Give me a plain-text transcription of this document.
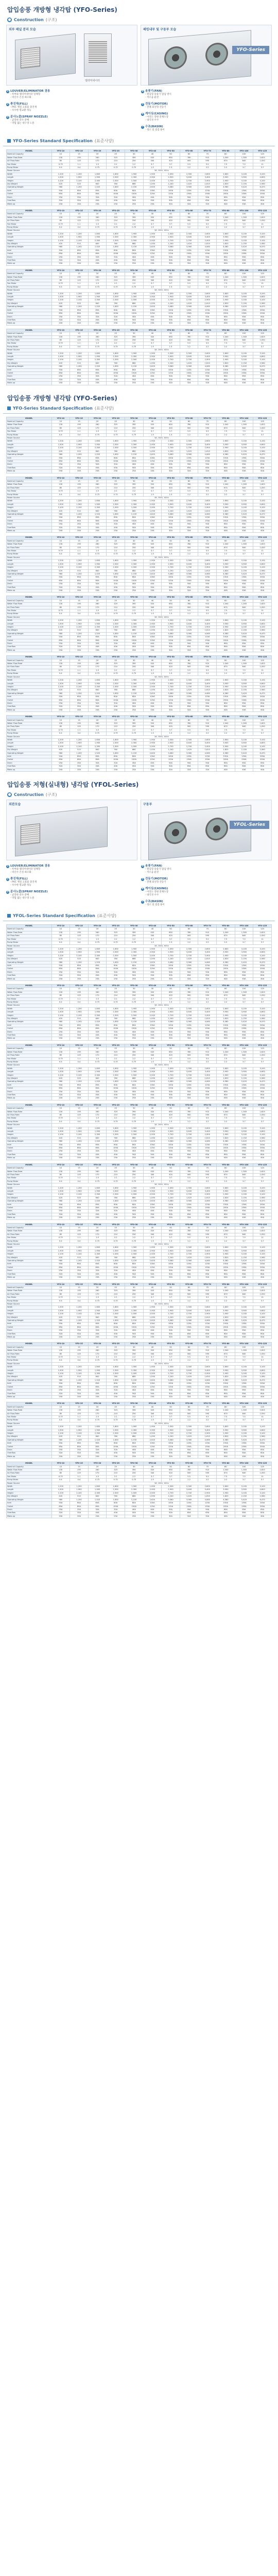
압입송풍 개방형 냉각탑 (YFO-Series)
● Construction (구조)
외부 패널 분리 모습
엘리미네이터
패킹내부 및 구동부 모습
YFO-Series
1 LOUVER/ELIMINATOR 겸용
- 루버와 엘리미네이터 일체형
- 비산수 손실 최소화
2 충진재(FILL)
- PVC 재질 고효율 충진재
- 우수한 열교환 성능
3 분사노즐(SPRAY NOZZLE)
- 균일한 살수 분배
- 막힘 없는 대구경 노즐
4 송풍기(FAN)
- 원심형 송풍기 압입 방식
- 저소음 운전
5 전동기(MOTOR)
- 전폐 외선형 전동기
6 케이싱(CASING)
- 아연도 강판 분체도장
- 내식성 우수
7 수조(BASIN)
- 청소 및 점검 용이
YFO-Series Standard Specification (표준사양)
MODEL	YFO-10	YFO-15	YFO-20	YFO-25	YFO-30	YFO-40	YFO-50	YFO-60	YFO-70	YFO-80	YFO-100	YFO-125
Nominal Capacity	10	15	20	25	30	40	50	60	70	80	100	125
Water Flow Rate	130	195	260	325	390	520	650	780	910	1,040	1,300	1,625
Air Flow Rate	85	125	170	210	250	340	420	500	590	670	840	1,050
Fan Motor	0.75	1.1	1.5	2.2	2.2	3.7	3.7	5.5	5.5	7.5	7.5	11
Pump Motor	0.4	0.4	0.75	0.75	0.75	1.5	1.5	2.2	2.2	2.2	3.7	3.7
Power Source	3Ø, 380V, 60Hz											
Width	1,200	1,200	1,600	1,600	1,900	1,900	2,300	2,300	2,600	2,600	3,100	3,100
Length	1,500	1,900	1,900	2,300	2,300	2,900	2,900	3,400	3,400	3,900	3,900	4,600
Height	2,100	2,100	2,300	2,300	2,500	2,500	2,700	2,700	2,900	2,900	3,100	3,100
Dry Weight	420	510	640	760	880	1,050	1,240	1,420	1,610	1,820	2,150	2,560
Operating Weight	980	1,200	1,520	1,830	2,150	2,620	3,080	3,560	4,060	4,580	5,420	6,470
Inlet	50A	65A	65A	80A	80A	100A	100A	125A	125A	150A	150A	200A
Outlet	65A	80A	80A	100A	100A	125A	125A	150A	150A	200A	200A	200A
Drain	25A	25A	32A	32A	40A	40A	50A	50A	50A	65A	65A	65A
Overflow	32A	32A	40A	40A	50A	50A	50A	65A	65A	65A	80A	80A
Make-up	20A	20A	20A	25A	25A	25A	32A	32A	32A	40A	40A	40A
MODEL	YFO-10	YFO-15	YFO-20	YFO-25	YFO-30	YFO-40	YFO-50	YFO-60	YFO-70	YFO-80	YFO-100	YFO-125
Nominal Capacity	10	15	20	25	30	40	50	60	70	80	100	125
Water Flow Rate	130	195	260	325	390	520	650	780	910	1,040	1,300	1,625
Air Flow Rate	85	125	170	210	250	340	420	500	590	670	840	1,050
Fan Motor	0.75	1.1	1.5	2.2	2.2	3.7	3.7	5.5	5.5	7.5	7.5	11
Pump Motor	0.4	0.4	0.75	0.75	0.75	1.5	1.5	2.2	2.2	2.2	3.7	3.7
Power Source	3Ø, 380V, 60Hz											
Width	1,200	1,200	1,600	1,600	1,900	1,900	2,300	2,300	2,600	2,600	3,100	3,100
Length	1,500	1,900	1,900	2,300	2,300	2,900	2,900	3,400	3,400	3,900	3,900	4,600
Height	2,100	2,100	2,300	2,300	2,500	2,500	2,700	2,700	2,900	2,900	3,100	3,100
Dry Weight	420	510	640	760	880	1,050	1,240	1,420	1,610	1,820	2,150	2,560
Operating Weight	980	1,200	1,520	1,830	2,150	2,620	3,080	3,560	4,060	4,580	5,420	6,470
Inlet	50A	65A	65A	80A	80A	100A	100A	125A	125A	150A	150A	200A
Outlet	65A	80A	80A	100A	100A	125A	125A	150A	150A	200A	200A	200A
Drain	25A	25A	32A	32A	40A	40A	50A	50A	50A	65A	65A	65A
Overflow	32A	32A	40A	40A	50A	50A	50A	65A	65A	65A	80A	80A
Make-up	20A	20A	20A	25A	25A	25A	32A	32A	32A	40A	40A	40A
MODEL	YFO-10	YFO-15	YFO-20	YFO-25	YFO-30	YFO-40	YFO-50	YFO-60	YFO-70	YFO-80	YFO-100	YFO-125
Nominal Capacity	10	15	20	25	30	40	50	60	70	80	100	125
Water Flow Rate	130	195	260	325	390	520	650	780	910	1,040	1,300	1,625
Air Flow Rate	85	125	170	210	250	340	420	500	590	670	840	1,050
Fan Motor	0.75	1.1	1.5	2.2	2.2	3.7	3.7	5.5	5.5	7.5	7.5	11
Pump Motor	0.4	0.4	0.75	0.75	0.75	1.5	1.5	2.2	2.2	2.2	3.7	3.7
Power Source	3Ø, 380V, 60Hz											
Width	1,200	1,200	1,600	1,600	1,900	1,900	2,300	2,300	2,600	2,600	3,100	3,100
Length	1,500	1,900	1,900	2,300	2,300	2,900	2,900	3,400	3,400	3,900	3,900	4,600
Height	2,100	2,100	2,300	2,300	2,500	2,500	2,700	2,700	2,900	2,900	3,100	3,100
Dry Weight	420	510	640	760	880	1,050	1,240	1,420	1,610	1,820	2,150	2,560
Operating Weight	980	1,200	1,520	1,830	2,150	2,620	3,080	3,560	4,060	4,580	5,420	6,470
Inlet	50A	65A	65A	80A	80A	100A	100A	125A	125A	150A	150A	200A
Outlet	65A	80A	80A	100A	100A	125A	125A	150A	150A	200A	200A	200A
Drain	25A	25A	32A	32A	40A	40A	50A	50A	50A	65A	65A	65A
Overflow	32A	32A	40A	40A	50A	50A	50A	65A	65A	65A	80A	80A
Make-up	20A	20A	20A	25A	25A	25A	32A	32A	32A	40A	40A	40A
MODEL	YFO-10	YFO-15	YFO-20	YFO-25	YFO-30	YFO-40	YFO-50	YFO-60	YFO-70	YFO-80	YFO-100	YFO-125
Nominal Capacity	10	15	20	25	30	40	50	60	70	80	100	125
Water Flow Rate	130	195	260	325	390	520	650	780	910	1,040	1,300	1,625
Air Flow Rate	85	125	170	210	250	340	420	500	590	670	840	1,050
Fan Motor	0.75	1.1	1.5	2.2	2.2	3.7	3.7	5.5	5.5	7.5	7.5	11
Pump Motor	0.4	0.4	0.75	0.75	0.75	1.5	1.5	2.2	2.2	2.2	3.7	3.7
Power Source	3Ø, 380V, 60Hz											
Width	1,200	1,200	1,600	1,600	1,900	1,900	2,300	2,300	2,600	2,600	3,100	3,100
Length	1,500	1,900	1,900	2,300	2,300	2,900	2,900	3,400	3,400	3,900	3,900	4,600
Height	2,100	2,100	2,300	2,300	2,500	2,500	2,700	2,700	2,900	2,900	3,100	3,100
Dry Weight	420	510	640	760	880	1,050	1,240	1,420	1,610	1,820	2,150	2,560
Operating Weight	980	1,200	1,520	1,830	2,150	2,620	3,080	3,560	4,060	4,580	5,420	6,470
Inlet	50A	65A	65A	80A	80A	100A	100A	125A	125A	150A	150A	200A
Outlet	65A	80A	80A	100A	100A	125A	125A	150A	150A	200A	200A	200A
Drain	25A	25A	32A	32A	40A	40A	50A	50A	50A	65A	65A	65A
Overflow	32A	32A	40A	40A	50A	50A	50A	65A	65A	65A	80A	80A
Make-up	20A	20A	20A	25A	25A	25A	32A	32A	32A	40A	40A	40A
압입송풍 개방형 냉각탑 (YFO-Series)
YFO-Series Standard Specification (표준사양)
MODEL	YFO-10	YFO-15	YFO-20	YFO-25	YFO-30	YFO-40	YFO-50	YFO-60	YFO-70	YFO-80	YFO-100	YFO-125
Nominal Capacity	10	15	20	25	30	40	50	60	70	80	100	125
Water Flow Rate	130	195	260	325	390	520	650	780	910	1,040	1,300	1,625
Air Flow Rate	85	125	170	210	250	340	420	500	590	670	840	1,050
Fan Motor	0.75	1.1	1.5	2.2	2.2	3.7	3.7	5.5	5.5	7.5	7.5	11
Pump Motor	0.4	0.4	0.75	0.75	0.75	1.5	1.5	2.2	2.2	2.2	3.7	3.7
Power Source	3Ø, 380V, 60Hz											
Width	1,200	1,200	1,600	1,600	1,900	1,900	2,300	2,300	2,600	2,600	3,100	3,100
Length	1,500	1,900	1,900	2,300	2,300	2,900	2,900	3,400	3,400	3,900	3,900	4,600
Height	2,100	2,100	2,300	2,300	2,500	2,500	2,700	2,700	2,900	2,900	3,100	3,100
Dry Weight	420	510	640	760	880	1,050	1,240	1,420	1,610	1,820	2,150	2,560
Operating Weight	980	1,200	1,520	1,830	2,150	2,620	3,080	3,560	4,060	4,580	5,420	6,470
Inlet	50A	65A	65A	80A	80A	100A	100A	125A	125A	150A	150A	200A
Outlet	65A	80A	80A	100A	100A	125A	125A	150A	150A	200A	200A	200A
Drain	25A	25A	32A	32A	40A	40A	50A	50A	50A	65A	65A	65A
Overflow	32A	32A	40A	40A	50A	50A	50A	65A	65A	65A	80A	80A
Make-up	20A	20A	20A	25A	25A	25A	32A	32A	32A	40A	40A	40A
MODEL	YFO-10	YFO-15	YFO-20	YFO-25	YFO-30	YFO-40	YFO-50	YFO-60	YFO-70	YFO-80	YFO-100	YFO-125
Nominal Capacity	10	15	20	25	30	40	50	60	70	80	100	125
Water Flow Rate	130	195	260	325	390	520	650	780	910	1,040	1,300	1,625
Air Flow Rate	85	125	170	210	250	340	420	500	590	670	840	1,050
Fan Motor	0.75	1.1	1.5	2.2	2.2	3.7	3.7	5.5	5.5	7.5	7.5	11
Pump Motor	0.4	0.4	0.75	0.75	0.75	1.5	1.5	2.2	2.2	2.2	3.7	3.7
Power Source	3Ø, 380V, 60Hz											
Width	1,200	1,200	1,600	1,600	1,900	1,900	2,300	2,300	2,600	2,600	3,100	3,100
Length	1,500	1,900	1,900	2,300	2,300	2,900	2,900	3,400	3,400	3,900	3,900	4,600
Height	2,100	2,100	2,300	2,300	2,500	2,500	2,700	2,700	2,900	2,900	3,100	3,100
Dry Weight	420	510	640	760	880	1,050	1,240	1,420	1,610	1,820	2,150	2,560
Operating Weight	980	1,200	1,520	1,830	2,150	2,620	3,080	3,560	4,060	4,580	5,420	6,470
Inlet	50A	65A	65A	80A	80A	100A	100A	125A	125A	150A	150A	200A
Outlet	65A	80A	80A	100A	100A	125A	125A	150A	150A	200A	200A	200A
Drain	25A	25A	32A	32A	40A	40A	50A	50A	50A	65A	65A	65A
Overflow	32A	32A	40A	40A	50A	50A	50A	65A	65A	65A	80A	80A
Make-up	20A	20A	20A	25A	25A	25A	32A	32A	32A	40A	40A	40A
MODEL	YFO-10	YFO-15	YFO-20	YFO-25	YFO-30	YFO-40	YFO-50	YFO-60	YFO-70	YFO-80	YFO-100	YFO-125
Nominal Capacity	10	15	20	25	30	40	50	60	70	80	100	125
Water Flow Rate	130	195	260	325	390	520	650	780	910	1,040	1,300	1,625
Air Flow Rate	85	125	170	210	250	340	420	500	590	670	840	1,050
Fan Motor	0.75	1.1	1.5	2.2	2.2	3.7	3.7	5.5	5.5	7.5	7.5	11
Pump Motor	0.4	0.4	0.75	0.75	0.75	1.5	1.5	2.2	2.2	2.2	3.7	3.7
Power Source	3Ø, 380V, 60Hz											
Width	1,200	1,200	1,600	1,600	1,900	1,900	2,300	2,300	2,600	2,600	3,100	3,100
Length	1,500	1,900	1,900	2,300	2,300	2,900	2,900	3,400	3,400	3,900	3,900	4,600
Height	2,100	2,100	2,300	2,300	2,500	2,500	2,700	2,700	2,900	2,900	3,100	3,100
Dry Weight	420	510	640	760	880	1,050	1,240	1,420	1,610	1,820	2,150	2,560
Operating Weight	980	1,200	1,520	1,830	2,150	2,620	3,080	3,560	4,060	4,580	5,420	6,470
Inlet	50A	65A	65A	80A	80A	100A	100A	125A	125A	150A	150A	200A
Outlet	65A	80A	80A	100A	100A	125A	125A	150A	150A	200A	200A	200A
Drain	25A	25A	32A	32A	40A	40A	50A	50A	50A	65A	65A	65A
Overflow	32A	32A	40A	40A	50A	50A	50A	65A	65A	65A	80A	80A
Make-up	20A	20A	20A	25A	25A	25A	32A	32A	32A	40A	40A	40A
MODEL	YFO-10	YFO-15	YFO-20	YFO-25	YFO-30	YFO-40	YFO-50	YFO-60	YFO-70	YFO-80	YFO-100	YFO-125
Nominal Capacity	10	15	20	25	30	40	50	60	70	80	100	125
Water Flow Rate	130	195	260	325	390	520	650	780	910	1,040	1,300	1,625
Air Flow Rate	85	125	170	210	250	340	420	500	590	670	840	1,050
Fan Motor	0.75	1.1	1.5	2.2	2.2	3.7	3.7	5.5	5.5	7.5	7.5	11
Pump Motor	0.4	0.4	0.75	0.75	0.75	1.5	1.5	2.2	2.2	2.2	3.7	3.7
Power Source	3Ø, 380V, 60Hz											
Width	1,200	1,200	1,600	1,600	1,900	1,900	2,300	2,300	2,600	2,600	3,100	3,100
Length	1,500	1,900	1,900	2,300	2,300	2,900	2,900	3,400	3,400	3,900	3,900	4,600
Height	2,100	2,100	2,300	2,300	2,500	2,500	2,700	2,700	2,900	2,900	3,100	3,100
Dry Weight	420	510	640	760	880	1,050	1,240	1,420	1,610	1,820	2,150	2,560
Operating Weight	980	1,200	1,520	1,830	2,150	2,620	3,080	3,560	4,060	4,580	5,420	6,470
Inlet	50A	65A	65A	80A	80A	100A	100A	125A	125A	150A	150A	200A
Outlet	65A	80A	80A	100A	100A	125A	125A	150A	150A	200A	200A	200A
Drain	25A	25A	32A	32A	40A	40A	50A	50A	50A	65A	65A	65A
Overflow	32A	32A	40A	40A	50A	50A	50A	65A	65A	65A	80A	80A
Make-up	20A	20A	20A	25A	25A	25A	32A	32A	32A	40A	40A	40A
MODEL	YFO-10	YFO-15	YFO-20	YFO-25	YFO-30	YFO-40	YFO-50	YFO-60	YFO-70	YFO-80	YFO-100	YFO-125
Nominal Capacity	10	15	20	25	30	40	50	60	70	80	100	125
Water Flow Rate	130	195	260	325	390	520	650	780	910	1,040	1,300	1,625
Air Flow Rate	85	125	170	210	250	340	420	500	590	670	840	1,050
Fan Motor	0.75	1.1	1.5	2.2	2.2	3.7	3.7	5.5	5.5	7.5	7.5	11
Pump Motor	0.4	0.4	0.75	0.75	0.75	1.5	1.5	2.2	2.2	2.2	3.7	3.7
Power Source	3Ø, 380V, 60Hz											
Width	1,200	1,200	1,600	1,600	1,900	1,900	2,300	2,300	2,600	2,600	3,100	3,100
Length	1,500	1,900	1,900	2,300	2,300	2,900	2,900	3,400	3,400	3,900	3,900	4,600
Height	2,100	2,100	2,300	2,300	2,500	2,500	2,700	2,700	2,900	2,900	3,100	3,100
Dry Weight	420	510	640	760	880	1,050	1,240	1,420	1,610	1,820	2,150	2,560
Operating Weight	980	1,200	1,520	1,830	2,150	2,620	3,080	3,560	4,060	4,580	5,420	6,470
Inlet	50A	65A	65A	80A	80A	100A	100A	125A	125A	150A	150A	200A
Outlet	65A	80A	80A	100A	100A	125A	125A	150A	150A	200A	200A	200A
Drain	25A	25A	32A	32A	40A	40A	50A	50A	50A	65A	65A	65A
Overflow	32A	32A	40A	40A	50A	50A	50A	65A	65A	65A	80A	80A
Make-up	20A	20A	20A	25A	25A	25A	32A	32A	32A	40A	40A	40A
MODEL	YFO-10	YFO-15	YFO-20	YFO-25	YFO-30	YFO-40	YFO-50	YFO-60	YFO-70	YFO-80	YFO-100	YFO-125
Nominal Capacity	10	15	20	25	30	40	50	60	70	80	100	125
Water Flow Rate	130	195	260	325	390	520	650	780	910	1,040	1,300	1,625
Air Flow Rate	85	125	170	210	250	340	420	500	590	670	840	1,050
Fan Motor	0.75	1.1	1.5	2.2	2.2	3.7	3.7	5.5	5.5	7.5	7.5	11
Pump Motor	0.4	0.4	0.75	0.75	0.75	1.5	1.5	2.2	2.2	2.2	3.7	3.7
Power Source	3Ø, 380V, 60Hz											
Width	1,200	1,200	1,600	1,600	1,900	1,900	2,300	2,300	2,600	2,600	3,100	3,100
Length	1,500	1,900	1,900	2,300	2,300	2,900	2,900	3,400	3,400	3,900	3,900	4,600
Height	2,100	2,100	2,300	2,300	2,500	2,500	2,700	2,700	2,900	2,900	3,100	3,100
Dry Weight	420	510	640	760	880	1,050	1,240	1,420	1,610	1,820	2,150	2,560
Operating Weight	980	1,200	1,520	1,830	2,150	2,620	3,080	3,560	4,060	4,580	5,420	6,470
Inlet	50A	65A	65A	80A	80A	100A	100A	125A	125A	150A	150A	200A
Outlet	65A	80A	80A	100A	100A	125A	125A	150A	150A	200A	200A	200A
Drain	25A	25A	32A	32A	40A	40A	50A	50A	50A	65A	65A	65A
Overflow	32A	32A	40A	40A	50A	50A	50A	65A	65A	65A	80A	80A
Make-up	20A	20A	20A	25A	25A	25A	32A	32A	32A	40A	40A	40A
압입송풍 저형(실내형) 냉각탑 (YFOL-Series)
● Construction (구조)
외관모습	구동부
YFOL-Series
1 LOUVER/ELIMINATOR 겸용
- 루버와 엘리미네이터 일체형
- 비산수 손실 최소화
2 충진재(FILL)
- PVC 재질 고효율 충진재
- 우수한 열교환 성능
3 분사노즐(SPRAY NOZZLE)
- 균일한 살수 분배
- 막힘 없는 대구경 노즐
4 송풍기(FAN)
- 원심형 송풍기 압입 방식
- 저소음 운전
5 전동기(MOTOR)
- 전폐 외선형 전동기
6 케이싱(CASING)
- 아연도 강판 분체도장
- 내식성 우수
7 수조(BASIN)
- 청소 및 점검 용이
YFOL-Series Standard Specification (표준사양)
MODEL	YFO-10	YFO-15	YFO-20	YFO-25	YFO-30	YFO-40	YFO-50	YFO-60	YFO-70	YFO-80	YFO-100	YFO-125
Nominal Capacity	10	15	20	25	30	40	50	60	70	80	100	125
Water Flow Rate	130	195	260	325	390	520	650	780	910	1,040	1,300	1,625
Air Flow Rate	85	125	170	210	250	340	420	500	590	670	840	1,050
Fan Motor	0.75	1.1	1.5	2.2	2.2	3.7	3.7	5.5	5.5	7.5	7.5	11
Pump Motor	0.4	0.4	0.75	0.75	0.75	1.5	1.5	2.2	2.2	2.2	3.7	3.7
Power Source	3Ø, 380V, 60Hz											
Width	1,200	1,200	1,600	1,600	1,900	1,900	2,300	2,300	2,600	2,600	3,100	3,100
Length	1,500	1,900	1,900	2,300	2,300	2,900	2,900	3,400	3,400	3,900	3,900	4,600
Height	2,100	2,100	2,300	2,300	2,500	2,500	2,700	2,700	2,900	2,900	3,100	3,100
Dry Weight	420	510	640	760	880	1,050	1,240	1,420	1,610	1,820	2,150	2,560
Operating Weight	980	1,200	1,520	1,830	2,150	2,620	3,080	3,560	4,060	4,580	5,420	6,470
Inlet	50A	65A	65A	80A	80A	100A	100A	125A	125A	150A	150A	200A
Outlet	65A	80A	80A	100A	100A	125A	125A	150A	150A	200A	200A	200A
Drain	25A	25A	32A	32A	40A	40A	50A	50A	50A	65A	65A	65A
Overflow	32A	32A	40A	40A	50A	50A	50A	65A	65A	65A	80A	80A
Make-up	20A	20A	20A	25A	25A	25A	32A	32A	32A	40A	40A	40A
MODEL	YFO-10	YFO-15	YFO-20	YFO-25	YFO-30	YFO-40	YFO-50	YFO-60	YFO-70	YFO-80	YFO-100	YFO-125
Nominal Capacity	10	15	20	25	30	40	50	60	70	80	100	125
Water Flow Rate	130	195	260	325	390	520	650	780	910	1,040	1,300	1,625
Air Flow Rate	85	125	170	210	250	340	420	500	590	670	840	1,050
Fan Motor	0.75	1.1	1.5	2.2	2.2	3.7	3.7	5.5	5.5	7.5	7.5	11
Pump Motor	0.4	0.4	0.75	0.75	0.75	1.5	1.5	2.2	2.2	2.2	3.7	3.7
Power Source	3Ø, 380V, 60Hz											
Width	1,200	1,200	1,600	1,600	1,900	1,900	2,300	2,300	2,600	2,600	3,100	3,100
Length	1,500	1,900	1,900	2,300	2,300	2,900	2,900	3,400	3,400	3,900	3,900	4,600
Height	2,100	2,100	2,300	2,300	2,500	2,500	2,700	2,700	2,900	2,900	3,100	3,100
Dry Weight	420	510	640	760	880	1,050	1,240	1,420	1,610	1,820	2,150	2,560
Operating Weight	980	1,200	1,520	1,830	2,150	2,620	3,080	3,560	4,060	4,580	5,420	6,470
Inlet	50A	65A	65A	80A	80A	100A	100A	125A	125A	150A	150A	200A
Outlet	65A	80A	80A	100A	100A	125A	125A	150A	150A	200A	200A	200A
Drain	25A	25A	32A	32A	40A	40A	50A	50A	50A	65A	65A	65A
Overflow	32A	32A	40A	40A	50A	50A	50A	65A	65A	65A	80A	80A
Make-up	20A	20A	20A	25A	25A	25A	32A	32A	32A	40A	40A	40A
MODEL	YFO-10	YFO-15	YFO-20	YFO-25	YFO-30	YFO-40	YFO-50	YFO-60	YFO-70	YFO-80	YFO-100	YFO-125
Nominal Capacity	10	15	20	25	30	40	50	60	70	80	100	125
Water Flow Rate	130	195	260	325	390	520	650	780	910	1,040	1,300	1,625
Air Flow Rate	85	125	170	210	250	340	420	500	590	670	840	1,050
Fan Motor	0.75	1.1	1.5	2.2	2.2	3.7	3.7	5.5	5.5	7.5	7.5	11
Pump Motor	0.4	0.4	0.75	0.75	0.75	1.5	1.5	2.2	2.2	2.2	3.7	3.7
Power Source	3Ø, 380V, 60Hz											
Width	1,200	1,200	1,600	1,600	1,900	1,900	2,300	2,300	2,600	2,600	3,100	3,100
Length	1,500	1,900	1,900	2,300	2,300	2,900	2,900	3,400	3,400	3,900	3,900	4,600
Height	2,100	2,100	2,300	2,300	2,500	2,500	2,700	2,700	2,900	2,900	3,100	3,100
Dry Weight	420	510	640	760	880	1,050	1,240	1,420	1,610	1,820	2,150	2,560
Operating Weight	980	1,200	1,520	1,830	2,150	2,620	3,080	3,560	4,060	4,580	5,420	6,470
Inlet	50A	65A	65A	80A	80A	100A	100A	125A	125A	150A	150A	200A
Outlet	65A	80A	80A	100A	100A	125A	125A	150A	150A	200A	200A	200A
Drain	25A	25A	32A	32A	40A	40A	50A	50A	50A	65A	65A	65A
Overflow	32A	32A	40A	40A	50A	50A	50A	65A	65A	65A	80A	80A
Make-up	20A	20A	20A	25A	25A	25A	32A	32A	32A	40A	40A	40A
MODEL	YFO-10	YFO-15	YFO-20	YFO-25	YFO-30	YFO-40	YFO-50	YFO-60	YFO-70	YFO-80	YFO-100	YFO-125
Nominal Capacity	10	15	20	25	30	40	50	60	70	80	100	125
Water Flow Rate	130	195	260	325	390	520	650	780	910	1,040	1,300	1,625
Air Flow Rate	85	125	170	210	250	340	420	500	590	670	840	1,050
Fan Motor	0.75	1.1	1.5	2.2	2.2	3.7	3.7	5.5	5.5	7.5	7.5	11
Pump Motor	0.4	0.4	0.75	0.75	0.75	1.5	1.5	2.2	2.2	2.2	3.7	3.7
Power Source	3Ø, 380V, 60Hz											
Width	1,200	1,200	1,600	1,600	1,900	1,900	2,300	2,300	2,600	2,600	3,100	3,100
Length	1,500	1,900	1,900	2,300	2,300	2,900	2,900	3,400	3,400	3,900	3,900	4,600
Height	2,100	2,100	2,300	2,300	2,500	2,500	2,700	2,700	2,900	2,900	3,100	3,100
Dry Weight	420	510	640	760	880	1,050	1,240	1,420	1,610	1,820	2,150	2,560
Operating Weight	980	1,200	1,520	1,830	2,150	2,620	3,080	3,560	4,060	4,580	5,420	6,470
Inlet	50A	65A	65A	80A	80A	100A	100A	125A	125A	150A	150A	200A
Outlet	65A	80A	80A	100A	100A	125A	125A	150A	150A	200A	200A	200A
Drain	25A	25A	32A	32A	40A	40A	50A	50A	50A	65A	65A	65A
Overflow	32A	32A	40A	40A	50A	50A	50A	65A	65A	65A	80A	80A
Make-up	20A	20A	20A	25A	25A	25A	32A	32A	32A	40A	40A	40A
MODEL	YFO-10	YFO-15	YFO-20	YFO-25	YFO-30	YFO-40	YFO-50	YFO-60	YFO-70	YFO-80	YFO-100	YFO-125
Nominal Capacity	10	15	20	25	30	40	50	60	70	80	100	125
Water Flow Rate	130	195	260	325	390	520	650	780	910	1,040	1,300	1,625
Air Flow Rate	85	125	170	210	250	340	420	500	590	670	840	1,050
Fan Motor	0.75	1.1	1.5	2.2	2.2	3.7	3.7	5.5	5.5	7.5	7.5	11
Pump Motor	0.4	0.4	0.75	0.75	0.75	1.5	1.5	2.2	2.2	2.2	3.7	3.7
Power Source	3Ø, 380V, 60Hz											
Width	1,200	1,200	1,600	1,600	1,900	1,900	2,300	2,300	2,600	2,600	3,100	3,100
Length	1,500	1,900	1,900	2,300	2,300	2,900	2,900	3,400	3,400	3,900	3,900	4,600
Height	2,100	2,100	2,300	2,300	2,500	2,500	2,700	2,700	2,900	2,900	3,100	3,100
Dry Weight	420	510	640	760	880	1,050	1,240	1,420	1,610	1,820	2,150	2,560
Operating Weight	980	1,200	1,520	1,830	2,150	2,620	3,080	3,560	4,060	4,580	5,420	6,470
Inlet	50A	65A	65A	80A	80A	100A	100A	125A	125A	150A	150A	200A
Outlet	65A	80A	80A	100A	100A	125A	125A	150A	150A	200A	200A	200A
Drain	25A	25A	32A	32A	40A	40A	50A	50A	50A	65A	65A	65A
Overflow	32A	32A	40A	40A	50A	50A	50A	65A	65A	65A	80A	80A
Make-up	20A	20A	20A	25A	25A	25A	32A	32A	32A	40A	40A	40A
MODEL	YFO-10	YFO-15	YFO-20	YFO-25	YFO-30	YFO-40	YFO-50	YFO-60	YFO-70	YFO-80	YFO-100	YFO-125
Nominal Capacity	10	15	20	25	30	40	50	60	70	80	100	125
Water Flow Rate	130	195	260	325	390	520	650	780	910	1,040	1,300	1,625
Air Flow Rate	85	125	170	210	250	340	420	500	590	670	840	1,050
Fan Motor	0.75	1.1	1.5	2.2	2.2	3.7	3.7	5.5	5.5	7.5	7.5	11
Pump Motor	0.4	0.4	0.75	0.75	0.75	1.5	1.5	2.2	2.2	2.2	3.7	3.7
Power Source	3Ø, 380V, 60Hz											
Width	1,200	1,200	1,600	1,600	1,900	1,900	2,300	2,300	2,600	2,600	3,100	3,100
Length	1,500	1,900	1,900	2,300	2,300	2,900	2,900	3,400	3,400	3,900	3,900	4,600
Height	2,100	2,100	2,300	2,300	2,500	2,500	2,700	2,700	2,900	2,900	3,100	3,100
Dry Weight	420	510	640	760	880	1,050	1,240	1,420	1,610	1,820	2,150	2,560
Operating Weight	980	1,200	1,520	1,830	2,150	2,620	3,080	3,560	4,060	4,580	5,420	6,470
Inlet	50A	65A	65A	80A	80A	100A	100A	125A	125A	150A	150A	200A
Outlet	65A	80A	80A	100A	100A	125A	125A	150A	150A	200A	200A	200A
Drain	25A	25A	32A	32A	40A	40A	50A	50A	50A	65A	65A	65A
Overflow	32A	32A	40A	40A	50A	50A	50A	65A	65A	65A	80A	80A
Make-up	20A	20A	20A	25A	25A	25A	32A	32A	32A	40A	40A	40A
MODEL	YFO-10	YFO-15	YFO-20	YFO-25	YFO-30	YFO-40	YFO-50	YFO-60	YFO-70	YFO-80	YFO-100	YFO-125
Nominal Capacity	10	15	20	25	30	40	50	60	70	80	100	125
Water Flow Rate	130	195	260	325	390	520	650	780	910	1,040	1,300	1,625
Air Flow Rate	85	125	170	210	250	340	420	500	590	670	840	1,050
Fan Motor	0.75	1.1	1.5	2.2	2.2	3.7	3.7	5.5	5.5	7.5	7.5	11
Pump Motor	0.4	0.4	0.75	0.75	0.75	1.5	1.5	2.2	2.2	2.2	3.7	3.7
Power Source	3Ø, 380V, 60Hz											
Width	1,200	1,200	1,600	1,600	1,900	1,900	2,300	2,300	2,600	2,600	3,100	3,100
Length	1,500	1,900	1,900	2,300	2,300	2,900	2,900	3,400	3,400	3,900	3,900	4,600
Height	2,100	2,100	2,300	2,300	2,500	2,500	2,700	2,700	2,900	2,900	3,100	3,100
Dry Weight	420	510	640	760	880	1,050	1,240	1,420	1,610	1,820	2,150	2,560
Operating Weight	980	1,200	1,520	1,830	2,150	2,620	3,080	3,560	4,060	4,580	5,420	6,470
Inlet	50A	65A	65A	80A	80A	100A	100A	125A	125A	150A	150A	200A
Outlet	65A	80A	80A	100A	100A	125A	125A	150A	150A	200A	200A	200A
Drain	25A	25A	32A	32A	40A	40A	50A	50A	50A	65A	65A	65A
Overflow	32A	32A	40A	40A	50A	50A	50A	65A	65A	65A	80A	80A
Make-up	20A	20A	20A	25A	25A	25A	32A	32A	32A	40A	40A	40A
MODEL	YFO-10	YFO-15	YFO-20	YFO-25	YFO-30	YFO-40	YFO-50	YFO-60	YFO-70	YFO-80	YFO-100	YFO-125
Nominal Capacity	10	15	20	25	30	40	50	60	70	80	100	125
Water Flow Rate	130	195	260	325	390	520	650	780	910	1,040	1,300	1,625
Air Flow Rate	85	125	170	210	250	340	420	500	590	670	840	1,050
Fan Motor	0.75	1.1	1.5	2.2	2.2	3.7	3.7	5.5	5.5	7.5	7.5	11
Pump Motor	0.4	0.4	0.75	0.75	0.75	1.5	1.5	2.2	2.2	2.2	3.7	3.7
Power Source	3Ø, 380V, 60Hz											
Width	1,200	1,200	1,600	1,600	1,900	1,900	2,300	2,300	2,600	2,600	3,100	3,100
Length	1,500	1,900	1,900	2,300	2,300	2,900	2,900	3,400	3,400	3,900	3,900	4,600
Height	2,100	2,100	2,300	2,300	2,500	2,500	2,700	2,700	2,900	2,900	3,100	3,100
Dry Weight	420	510	640	760	880	1,050	1,240	1,420	1,610	1,820	2,150	2,560
Operating Weight	980	1,200	1,520	1,830	2,150	2,620	3,080	3,560	4,060	4,580	5,420	6,470
Inlet	50A	65A	65A	80A	80A	100A	100A	125A	125A	150A	150A	200A
Outlet	65A	80A	80A	100A	100A	125A	125A	150A	150A	200A	200A	200A
Drain	25A	25A	32A	32A	40A	40A	50A	50A	50A	65A	65A	65A
Overflow	32A	32A	40A	40A	50A	50A	50A	65A	65A	65A	80A	80A
Make-up	20A	20A	20A	25A	25A	25A	32A	32A	32A	40A	40A	40A
MODEL	YFO-10	YFO-15	YFO-20	YFO-25	YFO-30	YFO-40	YFO-50	YFO-60	YFO-70	YFO-80	YFO-100	YFO-125
Nominal Capacity	10	15	20	25	30	40	50	60	70	80	100	125
Water Flow Rate	130	195	260	325	390	520	650	780	910	1,040	1,300	1,625
Air Flow Rate	85	125	170	210	250	340	420	500	590	670	840	1,050
Fan Motor	0.75	1.1	1.5	2.2	2.2	3.7	3.7	5.5	5.5	7.5	7.5	11
Pump Motor	0.4	0.4	0.75	0.75	0.75	1.5	1.5	2.2	2.2	2.2	3.7	3.7
Power Source	3Ø, 380V, 60Hz											
Width	1,200	1,200	1,600	1,600	1,900	1,900	2,300	2,300	2,600	2,600	3,100	3,100
Length	1,500	1,900	1,900	2,300	2,300	2,900	2,900	3,400	3,400	3,900	3,900	4,600
Height	2,100	2,100	2,300	2,300	2,500	2,500	2,700	2,700	2,900	2,900	3,100	3,100
Dry Weight	420	510	640	760	880	1,050	1,240	1,420	1,610	1,820	2,150	2,560
Operating Weight	980	1,200	1,520	1,830	2,150	2,620	3,080	3,560	4,060	4,580	5,420	6,470
Inlet	50A	65A	65A	80A	80A	100A	100A	125A	125A	150A	150A	200A
Outlet	65A	80A	80A	100A	100A	125A	125A	150A	150A	200A	200A	200A
Drain	25A	25A	32A	32A	40A	40A	50A	50A	50A	65A	65A	65A
Overflow	32A	32A	40A	40A	50A	50A	50A	65A	65A	65A	80A	80A
Make-up	20A	20A	20A	25A	25A	25A	32A	32A	32A	40A	40A	40A
MODEL	YFO-10	YFO-15	YFO-20	YFO-25	YFO-30	YFO-40	YFO-50	YFO-60	YFO-70	YFO-80	YFO-100	YFO-125
Nominal Capacity	10	15	20	25	30	40	50	60	70	80	100	125
Water Flow Rate	130	195	260	325	390	520	650	780	910	1,040	1,300	1,625
Air Flow Rate	85	125	170	210	250	340	420	500	590	670	840	1,050
Fan Motor	0.75	1.1	1.5	2.2	2.2	3.7	3.7	5.5	5.5	7.5	7.5	11
Pump Motor	0.4	0.4	0.75	0.75	0.75	1.5	1.5	2.2	2.2	2.2	3.7	3.7
Power Source	3Ø, 380V, 60Hz											
Width	1,200	1,200	1,600	1,600	1,900	1,900	2,300	2,300	2,600	2,600	3,100	3,100
Length	1,500	1,900	1,900	2,300	2,300	2,900	2,900	3,400	3,400	3,900	3,900	4,600
Height	2,100	2,100	2,300	2,300	2,500	2,500	2,700	2,700	2,900	2,900	3,100	3,100
Dry Weight	420	510	640	760	880	1,050	1,240	1,420	1,610	1,820	2,150	2,560
Operating Weight	980	1,200	1,520	1,830	2,150	2,620	3,080	3,560	4,060	4,580	5,420	6,470
Inlet	50A	65A	65A	80A	80A	100A	100A	125A	125A	150A	150A	200A
Outlet	65A	80A	80A	100A	100A	125A	125A	150A	150A	200A	200A	200A
Drain	25A	25A	32A	32A	40A	40A	50A	50A	50A	65A	65A	65A
Overflow	32A	32A	40A	40A	50A	50A	50A	65A	65A	65A	80A	80A
Make-up	20A	20A	20A	25A	25A	25A	32A	32A	32A	40A	40A	40A
